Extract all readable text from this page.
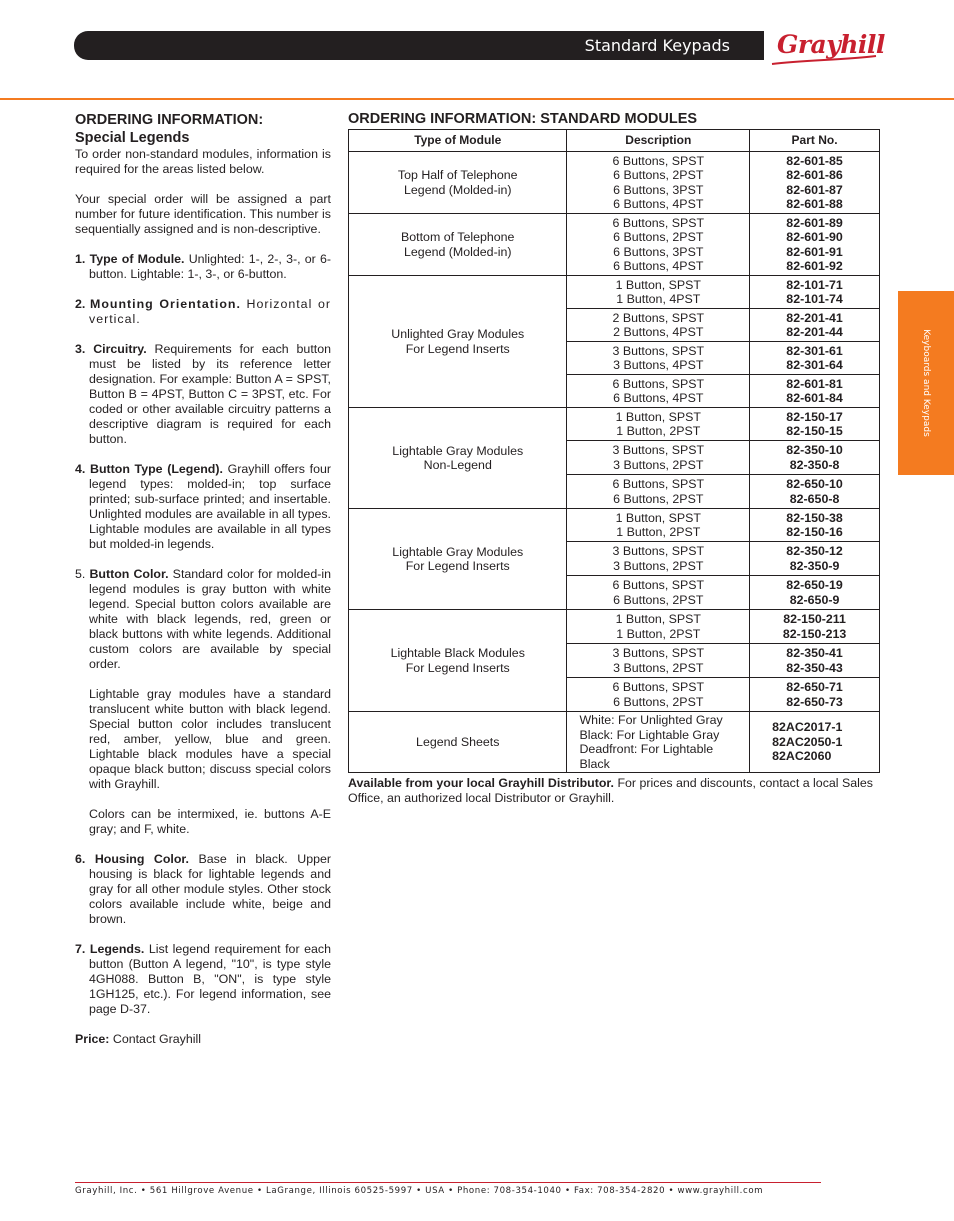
Standard Keypads Grayhill
Keyboards and Keypads
ORDERING INFORMATION:
Special Legends

To order non-standard modules, information is required for the areas listed below.

Your special order will be assigned a part number for future identification. This number is sequentially assigned and is non-descriptive.

1. Type of Module. Unlighted: 1-, 2-, 3-, or 6-button. Lightable: 1-, 3-, or 6-button.

2. Mounting Orientation. Horizontal or vertical.

3. Circuitry. Requirements for each button must be listed by its reference letter designation. For example: Button A = SPST, Button B = 4PST, Button C = 3PST, etc. For coded or other available circuitry patterns a descriptive diagram is required for each button.

4. Button Type (Legend). Grayhill offers four legend types: molded-in; top surface printed; sub-surface printed; and insertable. Unlighted modules are available in all types. Lightable modules are available in all types but molded-in legends.

5. Button Color. Standard color for molded-in legend modules is gray button with white legend. Special button colors available are white with black legends, red, green or black buttons with white legends. Additional custom colors are available by special order.

Lightable gray modules have a standard translucent white button with black legend. Special button color includes translucent red, amber, yellow, blue and green. Lightable black modules have a special opaque black button; discuss special colors with Grayhill.

Colors can be intermixed, ie. buttons A-E gray; and F, white.

6. Housing Color. Base in black. Upper housing is black for lightable legends and gray for all other module styles. Other stock colors available include white, beige and brown.

7. Legends. List legend requirement for each button (Button A legend, "10", is type style 4GH088. Button B, "ON", is type style 1GH125, etc.). For legend information, see page D-37.

Price: Contact Grayhill

ORDERING INFORMATION: STANDARD MODULES
Type of Module	Description	Part No.
Top Half of Telephone
Legend (Molded-in)	6 Buttons, SPST
6 Buttons, 2PST
6 Buttons, 3PST
6 Buttons, 4PST	82-601-85
82-601-86
82-601-87
82-601-88
Bottom of Telephone
Legend (Molded-in)	6 Buttons, SPST
6 Buttons, 2PST
6 Buttons, 3PST
6 Buttons, 4PST	82-601-89
82-601-90
82-601-91
82-601-92
Unlighted Gray Modules
For Legend Inserts	1 Button, SPST
1 Button, 4PST	82-101-71
82-101-74
	2 Buttons, SPST
2 Buttons, 4PST	82-201-41
82-201-44
	3 Buttons, SPST
3 Buttons, 4PST	82-301-61
82-301-64
	6 Buttons, SPST
6 Buttons, 4PST	82-601-81
82-601-84
Lightable Gray Modules
Non-Legend	1 Button, SPST
1 Button, 2PST	82-150-17
82-150-15
	3 Buttons, SPST
3 Buttons, 2PST	82-350-10
82-350-8
	6 Buttons, SPST
6 Buttons, 2PST	82-650-10
82-650-8
Lightable Gray Modules
For Legend Inserts	1 Button, SPST
1 Button, 2PST	82-150-38
82-150-16
	3 Buttons, SPST
3 Buttons, 2PST	82-350-12
82-350-9
	6 Buttons, SPST
6 Buttons, 2PST	82-650-19
82-650-9
Lightable Black Modules
For Legend Inserts	1 Button, SPST
1 Button, 2PST	82-150-211
82-150-213
	3 Buttons, SPST
3 Buttons, 2PST	82-350-41
82-350-43
	6 Buttons, SPST
6 Buttons, 2PST	82-650-71
82-650-73
Legend Sheets	White: For Unlighted Gray
Black: For Lightable Gray
Deadfront: For Lightable Black	82AC2017-1
82AC2050-1
82AC2060

Available from your local Grayhill Distributor. For prices and discounts, contact a local Sales Office, an authorized local Distributor or Grayhill.

Grayhill, Inc. • 561 Hillgrove Avenue • LaGrange, Illinois 60525-5997 • USA • Phone: 708-354-1040 • Fax: 708-354-2820 • www.grayhill.com
